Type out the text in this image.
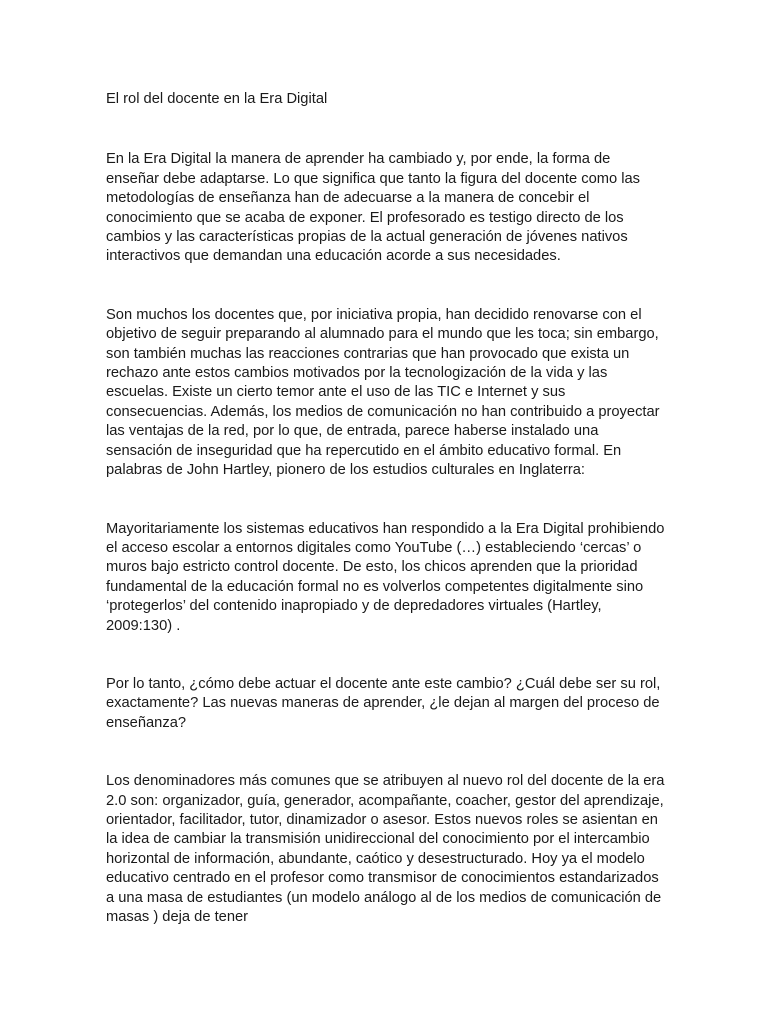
El rol del docente en la Era Digital

En la Era Digital la manera de aprender ha cambiado y, por ende, la forma de enseñar debe adaptarse. Lo que significa que tanto la figura del docente como las metodologías de enseñanza han de adecuarse a la manera de concebir el conocimiento que se acaba de exponer. El profesorado es testigo directo de los cambios y las características propias de la actual generación de jóvenes nativos interactivos que demandan una educación acorde a sus necesidades.

Son muchos los docentes que, por iniciativa propia, han decidido renovarse con el objetivo de seguir preparando al alumnado para el mundo que les toca; sin embargo, son también muchas las reacciones contrarias que han provocado que exista un rechazo ante estos cambios motivados por la tecnologización de la vida y las escuelas. Existe un cierto temor ante el uso de las TIC e Internet y sus consecuencias. Además, los medios de comunicación no han contribuido a proyectar las ventajas de la red, por lo que, de entrada, parece haberse instalado una sensación de inseguridad que ha repercutido en el ámbito educativo formal. En palabras de John Hartley, pionero de los estudios culturales en Inglaterra:

Mayoritariamente los sistemas educativos han respondido a la Era Digital prohibiendo el acceso escolar a entornos digitales como YouTube (…) estableciendo ‘cercas’ o muros bajo estricto control docente. De esto, los chicos aprenden que la prioridad fundamental de la educación formal no es volverlos competentes digitalmente sino ‘protegerlos’ del contenido inapropiado y de depredadores virtuales (Hartley, 2009:130) .

Por lo tanto, ¿cómo debe actuar el docente ante este cambio? ¿Cuál debe ser su rol, exactamente? Las nuevas maneras de aprender, ¿le dejan al margen del proceso de enseñanza?

Los denominadores más comunes que se atribuyen al nuevo rol del docente de la era 2.0 son: organizador, guía, generador, acompañante, coacher, gestor del aprendizaje, orientador, facilitador, tutor, dinamizador o asesor. Estos nuevos roles se asientan en la idea de cambiar la transmisión unidireccional del conocimiento por el intercambio horizontal de información, abundante, caótico y desestructurado. Hoy ya el modelo educativo centrado en el profesor como transmisor de conocimientos estandarizados a una masa de estudiantes (un modelo análogo al de los medios de comunicación de masas ) deja de tener
